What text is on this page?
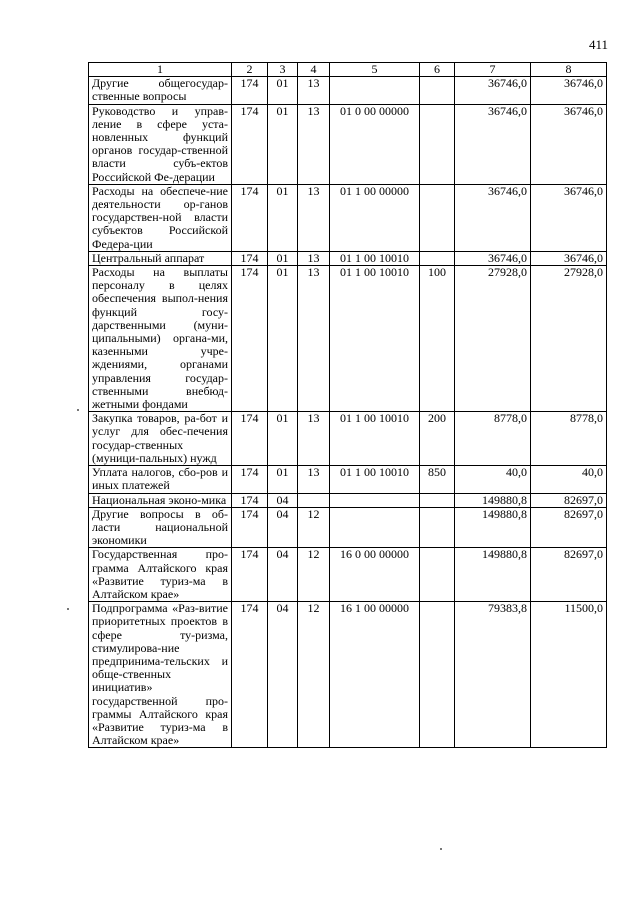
411
1	2	3	4	5	6	7	8
Другие общегосудар-ственные вопросы	174	01	13			36746,0	36746,0
Руководство и управ-ление в сфере уста-новленных функций органов государ-ственной власти субъ-ектов Российской Фе-дерации	174	01	13	01 0 00 00000		36746,0	36746,0
Расходы на обеспече-ние деятельности ор-ганов государствен-ной власти субъектов Российской Федера-ции	174	01	13	01 1 00 00000		36746,0	36746,0
Центральный аппарат	174	01	13	01 1 00 10010		36746,0	36746,0
Расходы на выплаты персоналу в целях обеспечения выпол-нения функций госу-дарственными (муни-ципальными) органа-ми, казенными учре-ждениями, органами управления государ-ственными внебюд-жетными фондами	174	01	13	01 1 00 10010	100	27928,0	27928,0
Закупка товаров, ра-бот и услуг для обес-печения государ-ственных (муници-пальных) нужд	174	01	13	01 1 00 10010	200	8778,0	8778,0
Уплата налогов, сбо-ров и иных платежей	174	01	13	01 1 00 10010	850	40,0	40,0
Национальная эконо-мика	174	04				149880,8	82697,0
Другие вопросы в об-ласти национальной экономики	174	04	12			149880,8	82697,0
Государственная про-грамма Алтайского края «Развитие туриз-ма в Алтайском крае»	174	04	12	16 0 00 00000		149880,8	82697,0
Подпрограмма «Раз-витие приоритетных проектов в сфере ту-ризма, стимулирова-ние предпринима-тельских и обще-ственных инициатив» государственной про-граммы Алтайского края «Развитие туриз-ма в Алтайском крае»	174	04	12	16 1 00 00000		79383,8	11500,0
